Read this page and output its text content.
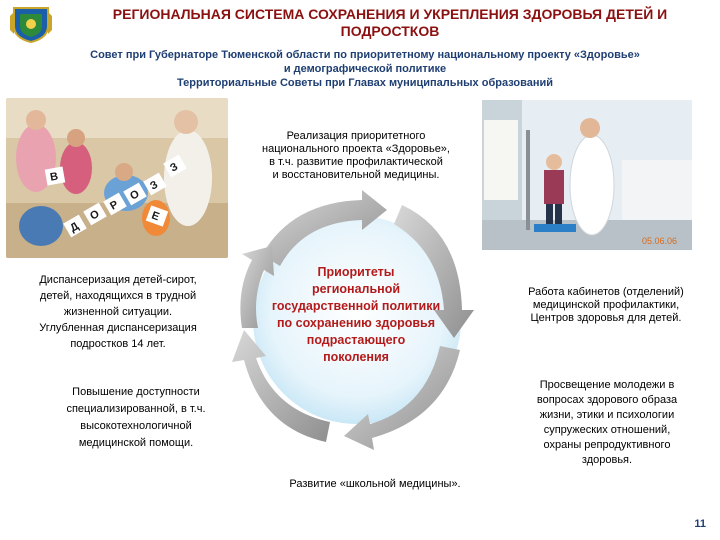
РЕГИОНАЛЬНАЯ СИСТЕМА СОХРАНЕНИЯ И УКРЕПЛЕНИЯ ЗДОРОВЬЯ ДЕТЕЙ И ПОДРОСТКОВ
Совет при Губернаторе Тюменской области по приоритетному национальному проекту «Здоровье»
и демографической политике
Территориальные Советы при Главах муниципальных образований
Д
О
Р
О
З
Е
З
В
05.06.06
Приоритеты
региональной
государственной политики
по сохранению здоровья
подрастающего
поколения
Реализация приоритетного
национального проекта «Здоровье»,
в т.ч. развитие профилактической
и восстановительной медицины.
Диспансеризация детей-сирот,
детей, находящихся в трудной
жизненной ситуации.
Углубленная диспансеризация
подростков 14 лет.
Повышение доступности
специализированной, в т.ч.
высокотехнологичной
медицинской помощи.
Работа кабинетов (отделений)
медицинской профилактики,
Центров здоровья для детей.
Просвещение молодежи в
вопросах здорового образа
жизни, этики и психологии
супружеских отношений,
охраны репродуктивного
здоровья.
Развитие «школьной медицины».
11
